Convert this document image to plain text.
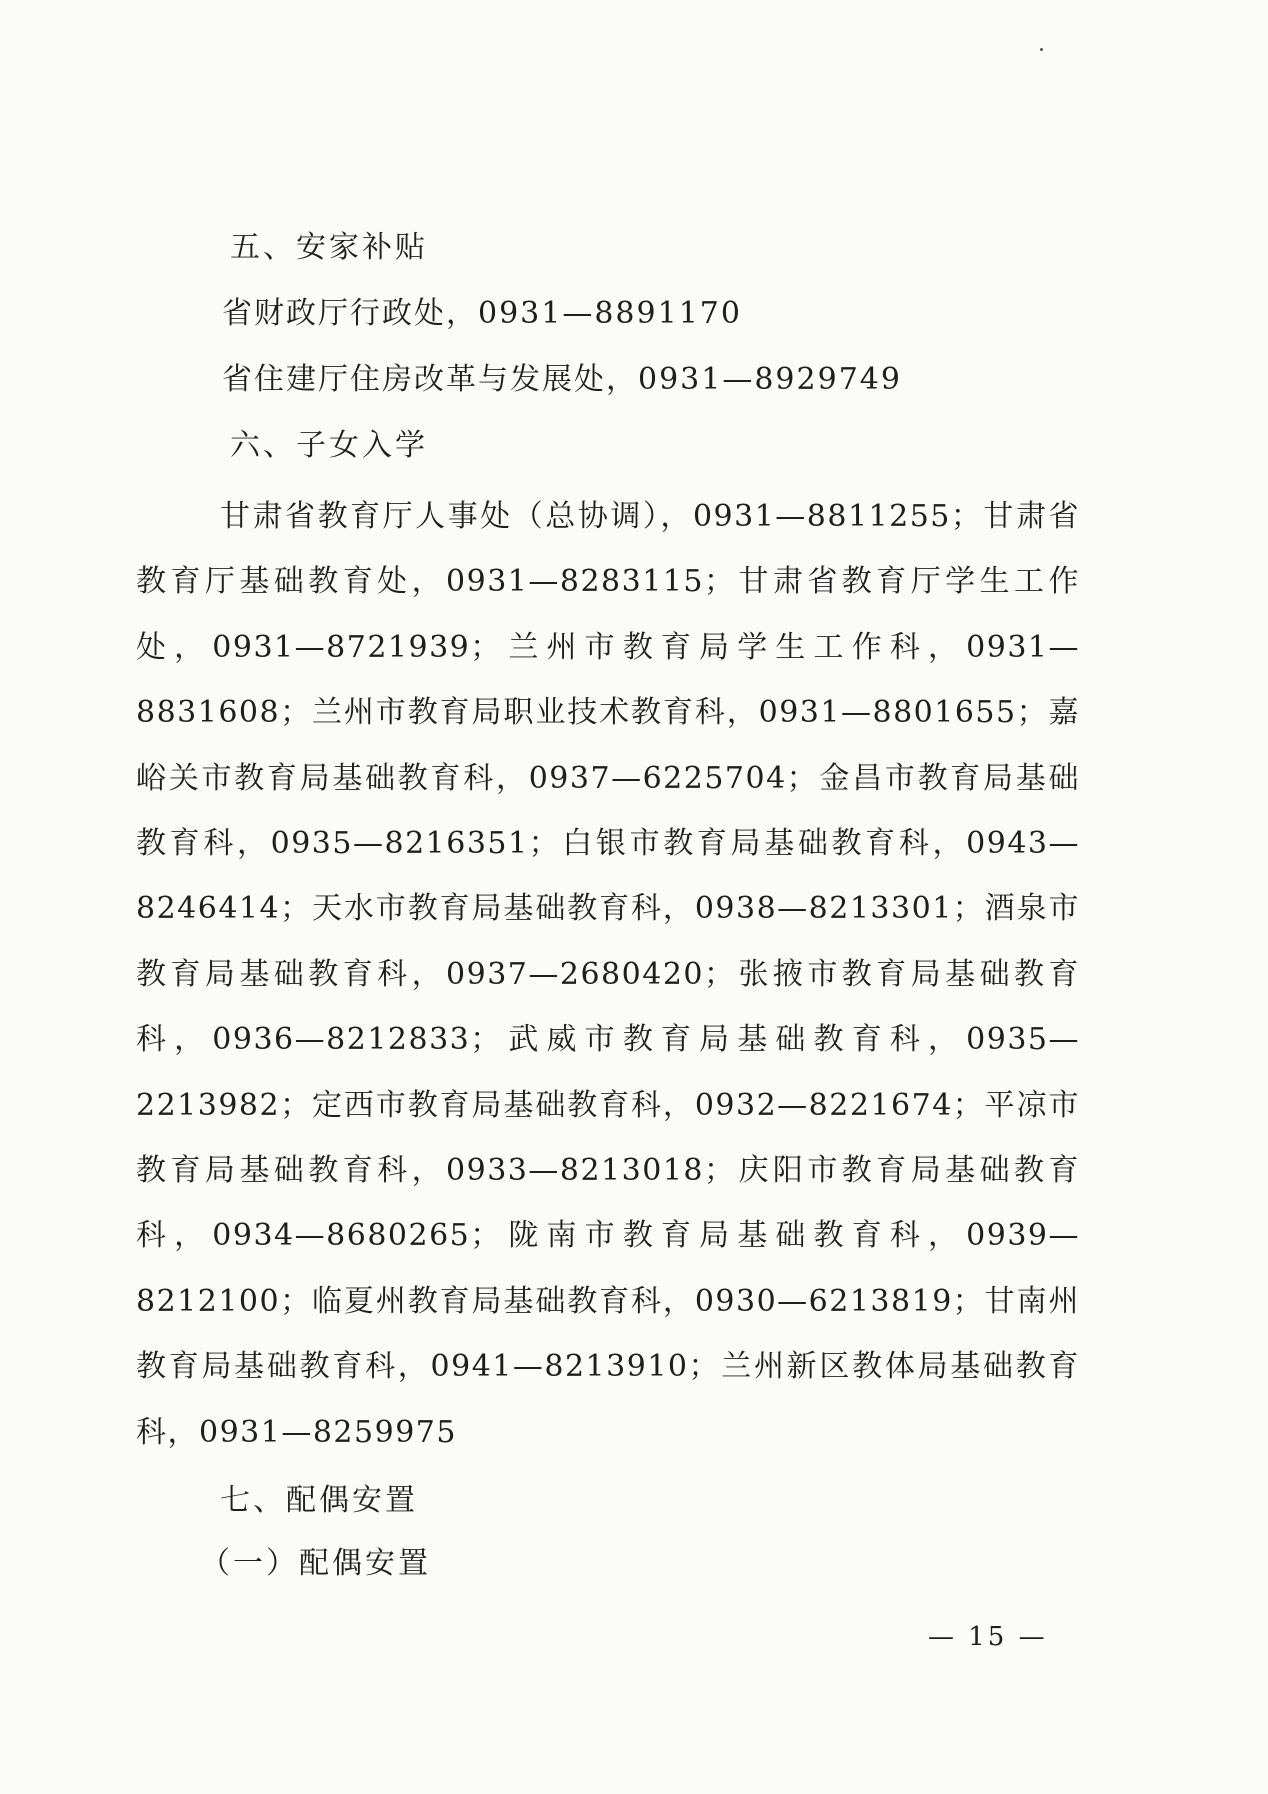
五、安家补贴
省财政厅行政处，0931—8891170
省住建厅住房改革与发展处，0931—8929749
六、子女入学
甘肃省教育厅人事处（总协调），0931—8811255；甘肃省教育厅基础教育处，0931—8283115；甘肃省教育厅学生工作处，0931—8721939；兰州市教育局学生工作科，0931—8831608；兰州市教育局职业技术教育科，0931—8801655；嘉峪关市教育局基础教育科，0937—6225704；金昌市教育局基础教育科，0935—8216351；白银市教育局基础教育科，0943—8246414；天水市教育局基础教育科，0938—8213301；酒泉市教育局基础教育科，0937—2680420；张掖市教育局基础教育科，0936—8212833；武威市教育局基础教育科，0935—2213982；定西市教育局基础教育科，0932—8221674；平凉市教育局基础教育科，0933—8213018；庆阳市教育局基础教育科，0934—8680265；陇南市教育局基础教育科，0939—8212100；临夏州教育局基础教育科，0930—6213819；甘南州教育局基础教育科，0941—8213910；兰州新区教体局基础教育科，0931—8259975
七、配偶安置
（一）配偶安置
— 15 —
